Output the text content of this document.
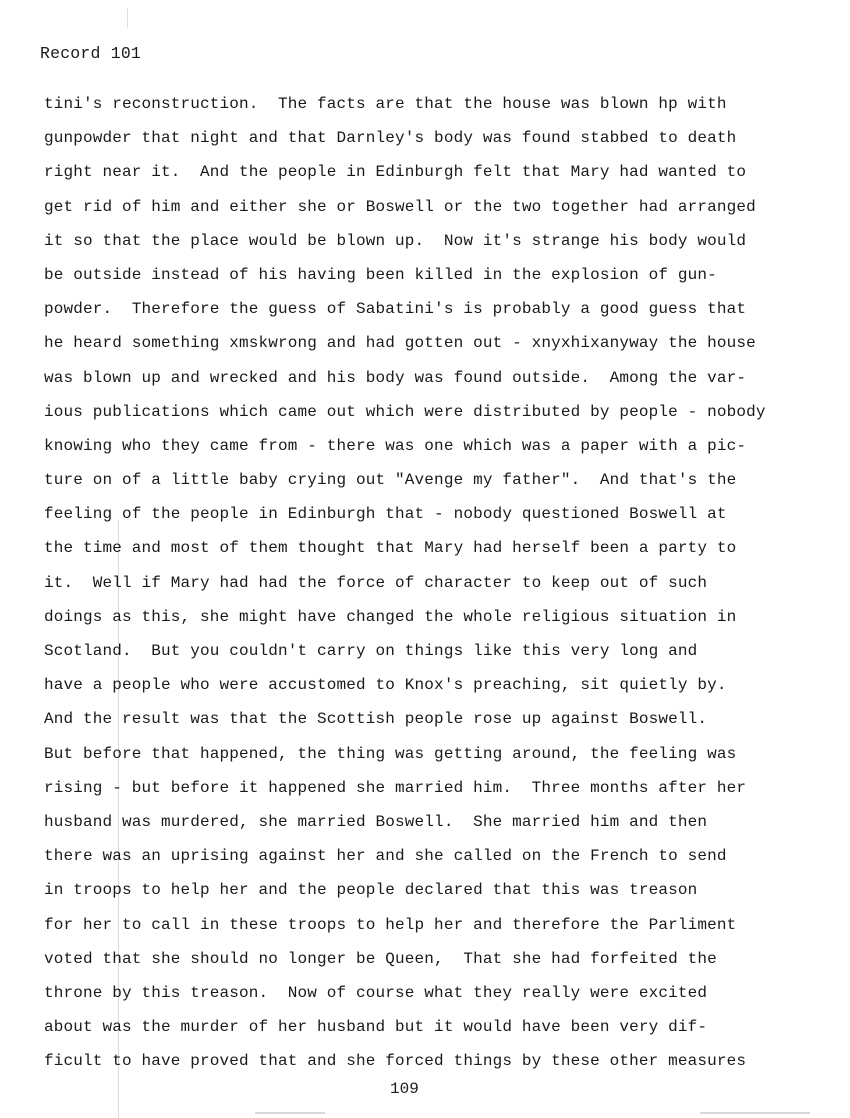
Record 101
tini's reconstruction.  The facts are that the house was blown hp with
gunpowder that night and that Darnley's body was found stabbed to death
right near it.  And the people in Edinburgh felt that Mary had wanted to
get rid of him and either she or Boswell or the two together had arranged
it so that the place would be blown up.  Now it's strange his body would
be outside instead of his having been killed in the explosion of gun-
powder.  Therefore the guess of Sabatini's is probably a good guess that
he heard something xmskwrong and had gotten out - xnyxhixanyway the house
was blown up and wrecked and his body was found outside.  Among the var-
ious publications which came out which were distributed by people - nobody
knowing who they came from - there was one which was a paper with a pic-
ture on of a little baby crying out "Avenge my father".  And that's the
feeling of the people in Edinburgh that - nobody questioned Boswell at
the time and most of them thought that Mary had herself been a party to
it.  Well if Mary had had the force of character to keep out of such
doings as this, she might have changed the whole religious situation in
Scotland.  But you couldn't carry on things like this very long and
have a people who were accustomed to Knox's preaching, sit quietly by.
And the result was that the Scottish people rose up against Boswell.
But before that happened, the thing was getting around, the feeling was
rising - but before it happened she married him.  Three months after her
husband was murdered, she married Boswell.  She married him and then
there was an uprising against her and she called on the French to send
in troops to help her and the people declared that this was treason
for her to call in these troops to help her and therefore the Parliment
voted that she should no longer be Queen,  That she had forfeited the
throne by this treason.  Now of course what they really were excited
about was the murder of her husband but it would have been very dif-
ficult to have proved that and she forced things by these other measures
109
